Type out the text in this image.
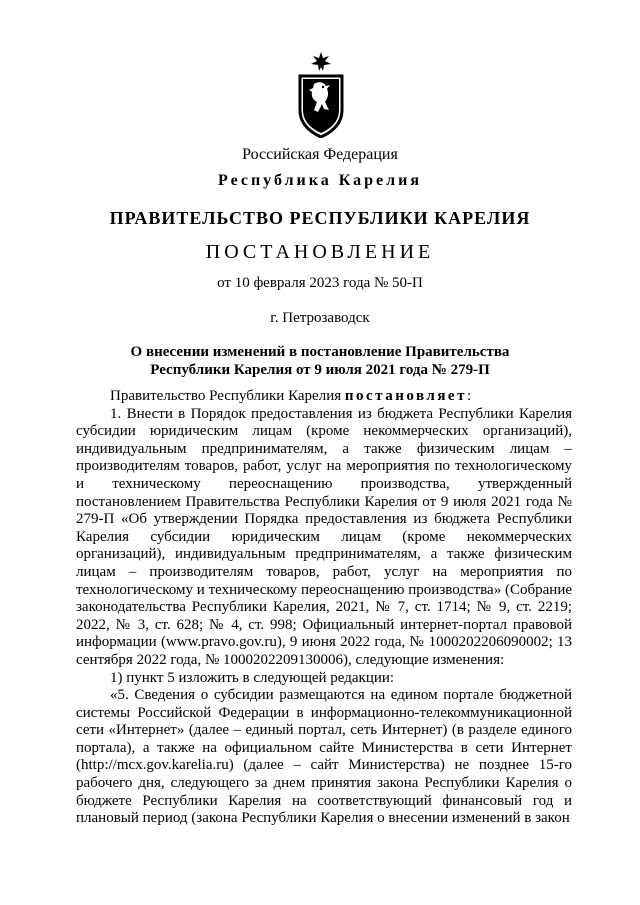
Российская Федерация
Республика Карелия
ПРАВИТЕЛЬСТВО РЕСПУБЛИКИ КАРЕЛИЯ
ПОСТАНОВЛЕНИЕ
от 10 февраля 2023 года № 50-П
г. Петрозаводск
О внесении изменений в постановление Правительства
Республики Карелия от 9 июля 2021 года № 279-П

Правительство Республики Карелия постановляет:

1. Внести в Порядок предоставления из бюджета Республики Карелия субсидии юридическим лицам (кроме некоммерческих организаций), индивидуальным предпринимателям, а также физическим лицам – производителям товаров, работ, услуг на мероприятия по технологическому и техническому переоснащению производства, утвержденный постановлением Правительства Республики Карелия от 9 июля 2021 года № 279-П «Об утверждении Порядка предоставления из бюджета Республики Карелия субсидии юридическим лицам (кроме некоммерческих организаций), индивидуальным предпринимателям, а также физическим лицам – производителям товаров, работ, услуг на мероприятия по технологическому и техническому переоснащению производства» (Собрание законодательства Республики Карелия, 2021, № 7, ст. 1714; № 9, ст. 2219; 2022, № 3, ст. 628; № 4, ст. 998; Официальный интернет-портал правовой информации (www.pravo.gov.ru), 9 июня 2022 года, № 1000202206090002; 13 сентября 2022 года, № 1000202209130006), следующие изменения:

1) пункт 5 изложить в следующей редакции:

«5. Сведения о субсидии размещаются на едином портале бюджетной системы Российской Федерации в информационно-телекоммуникационной сети «Интернет» (далее – единый портал, сеть Интернет) (в разделе единого портала), а также на официальном сайте Министерства в сети Интернет (http://mcx.gov.karelia.ru) (далее – сайт Министерства) не позднее 15-го рабочего дня, следующего за днем принятия закона Республики Карелия о бюджете Республики Карелия на соответствующий финансовый год и плановый период (закона Республики Карелия о внесении изменений в закон
